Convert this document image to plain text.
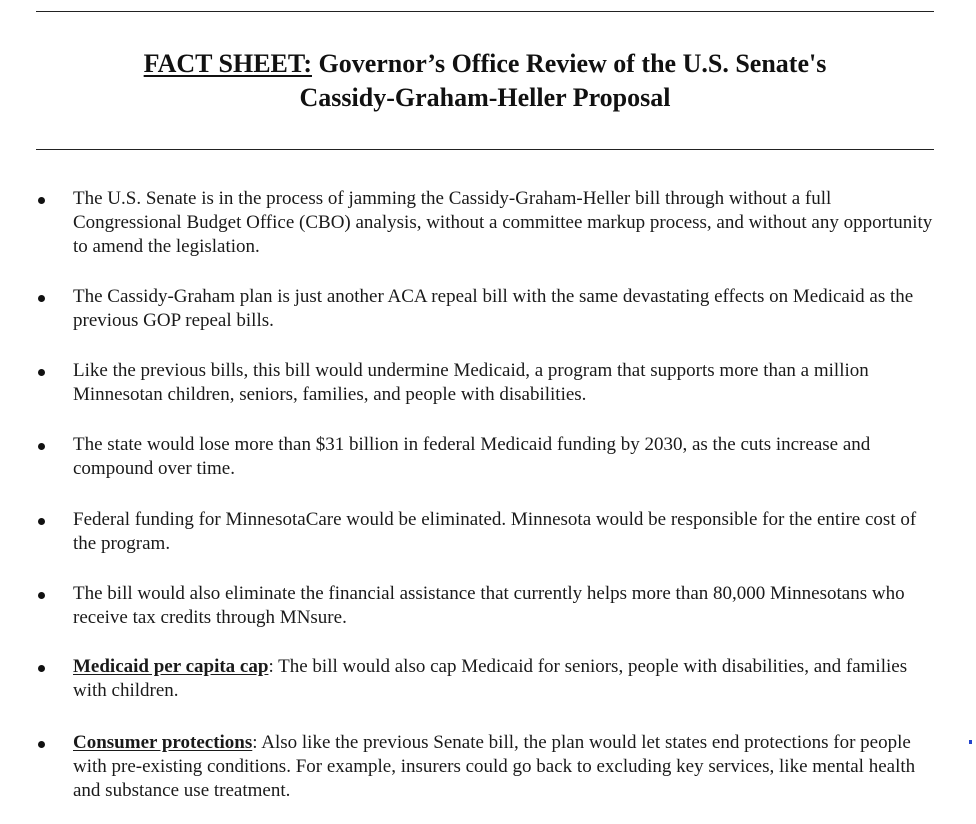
FACT SHEET: Governor’s Office Review of the U.S. Senate's
Cassidy-Graham-Heller Proposal
The U.S. Senate is in the process of jamming the Cassidy-Graham-Heller bill through without a full Congressional Budget Office (CBO) analysis, without a committee markup process, and without any opportunity to amend the legislation.
The Cassidy-Graham plan is just another ACA repeal bill with the same devastating effects on Medicaid as the previous GOP repeal bills.
Like the previous bills, this bill would undermine Medicaid, a program that supports more than a million Minnesotan children, seniors, families, and people with disabilities.
The state would lose more than $31 billion in federal Medicaid funding by 2030, as the cuts increase and compound over time.
Federal funding for MinnesotaCare would be eliminated. Minnesota would be responsible for the entire cost of the program.
The bill would also eliminate the financial assistance that currently helps more than 80,000 Minnesotans who receive tax credits through MNsure.
Medicaid per capita cap: The bill would also cap Medicaid for seniors, people with disabilities, and families with children.
Consumer protections: Also like the previous Senate bill, the plan would let states end protections for people with pre-existing conditions. For example, insurers could go back to excluding key services, like mental health and substance use treatment.
